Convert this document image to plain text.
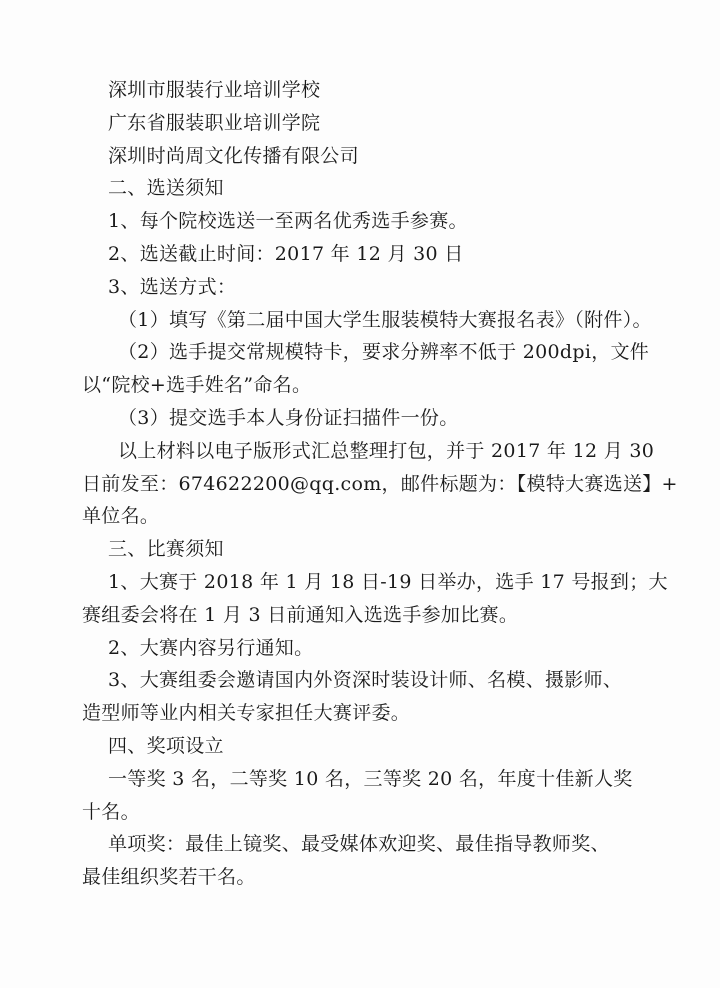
深圳市服装行业培训学校
广东省服装职业培训学院
深圳时尚周文化传播有限公司
二、选送须知
1、每个院校选送一至两名优秀选手参赛。
2、选送截止时间：2017 年 12 月 30 日
3、选送方式：
（1）填写《第二届中国大学生服装模特大赛报名表》（附件）。
（2）选手提交常规模特卡，要求分辨率不低于 200dpi，文件
以“院校+选手姓名”命名。
（3）提交选手本人身份证扫描件一份。
以上材料以电子版形式汇总整理打包，并于 2017 年 12 月 30
日前发至：674622200@qq.com，邮件标题为：【模特大赛选送】+
单位名。
三、比赛须知
1、大赛于 2018 年 1 月 18 日-19 日举办，选手 17 号报到；大
赛组委会将在 1 月 3 日前通知入选选手参加比赛。
2、大赛内容另行通知。
3、大赛组委会邀请国内外资深时装设计师、名模、摄影师、
造型师等业内相关专家担任大赛评委。
四、奖项设立
一等奖 3 名，二等奖 10 名，三等奖 20 名，年度十佳新人奖
十名。
单项奖：最佳上镜奖、最受媒体欢迎奖、最佳指导教师奖、
最佳组织奖若干名。
